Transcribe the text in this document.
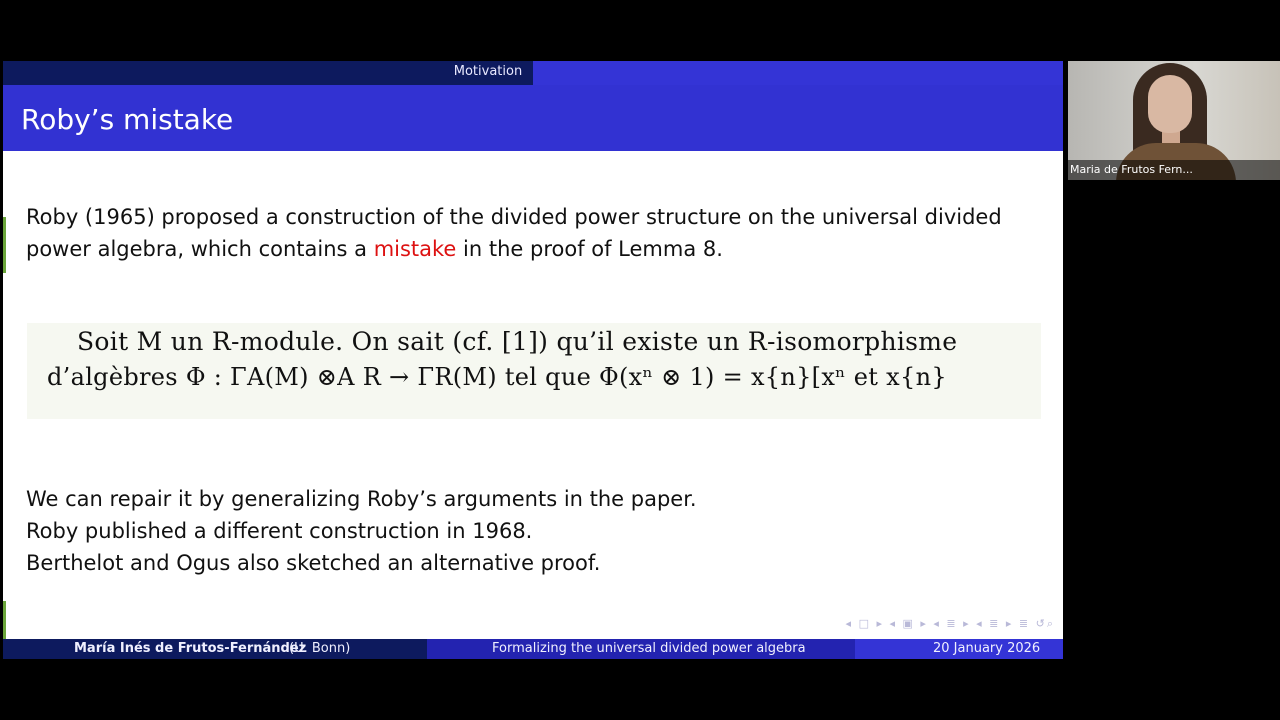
Motivation
Roby’s mistake
Roby (1965) proposed a construction of the divided power structure on the universal divided
power algebra, which contains a mistake in the proof of Lemma 8.
Soit M un R-module. On sait (cf. [1]) qu’il existe un R-isomorphisme
d’algèbres Φ : ΓA(M) ⊗A R → ΓR(M) tel que Φ(xⁿ ⊗ 1) = x{n}[xⁿ et x{n}
We can repair it by generalizing Roby’s arguments in the paper.
Roby published a different construction in 1968.
Berthelot and Ogus also sketched an alternative proof.
◂ □ ▸ ◂ ▣ ▸ ◂ ≣ ▸ ◂ ≣ ▸ ≣ ↺⌕
María Inés de Frutos-Fernández
(U. Bonn)	Formalizing the universal divided power algebra	20 January 2026
Maria de Frutos Fern...
